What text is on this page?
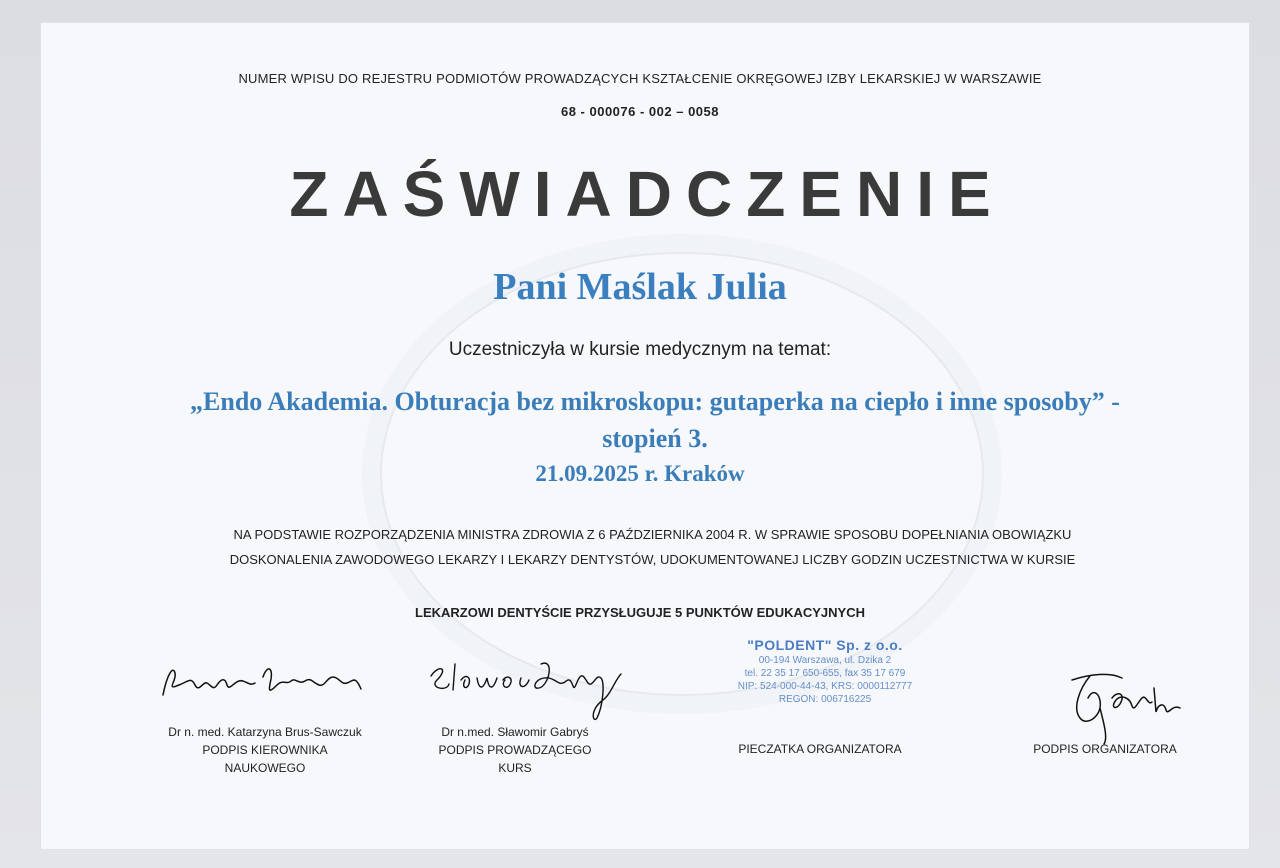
NUMER WPISU DO REJESTRU PODMIOTÓW PROWADZĄCYCH KSZTAŁCENIE OKRĘGOWEJ IZBY LEKARSKIEJ W WARSZAWIE
68 - 000076 - 002 – 0058
ZAŚWIADCZENIE
Pani Maślak Julia
Uczestniczyła w kursie medycznym na temat:
„Endo Akademia. Obturacja bez mikroskopu: gutaperka na ciepło i inne sposoby” - stopień 3.
21.09.2025 r. Kraków
NA PODSTAWIE ROZPORZĄDZENIA MINISTRA ZDROWIA Z 6 PAŹDZIERNIKA 2004 R. W SPRAWIE SPOSOBU DOPEŁNIANIA OBOWIĄZKU
DOSKONALENIA ZAWODOWEGO LEKARZY I LEKARZY DENTYSTÓW, UDOKUMENTOWANEJ LICZBY GODZIN UCZESTNICTWA W KURSIE
LEKARZOWI DENTYŚCIE PRZYSŁUGUJE 5 PUNKTÓW EDUKACYJNYCH
"POLDENT" Sp. z o.o.
00-194 Warszawa, ul. Dzika 2
tel. 22 35 17 650-655, fax 35 17 679
NIP: 524-000-44-43, KRS: 0000112777
REGON: 006716225
Dr n. med. Katarzyna Brus-Sawczuk
PODPIS KIEROWNIKA
NAUKOWEGO
Dr n.med. Sławomir Gabryś
PODPIS PROWADZĄCEGO
KURS
PIECZATKA ORGANIZATORA	PODPIS ORGANIZATORA
